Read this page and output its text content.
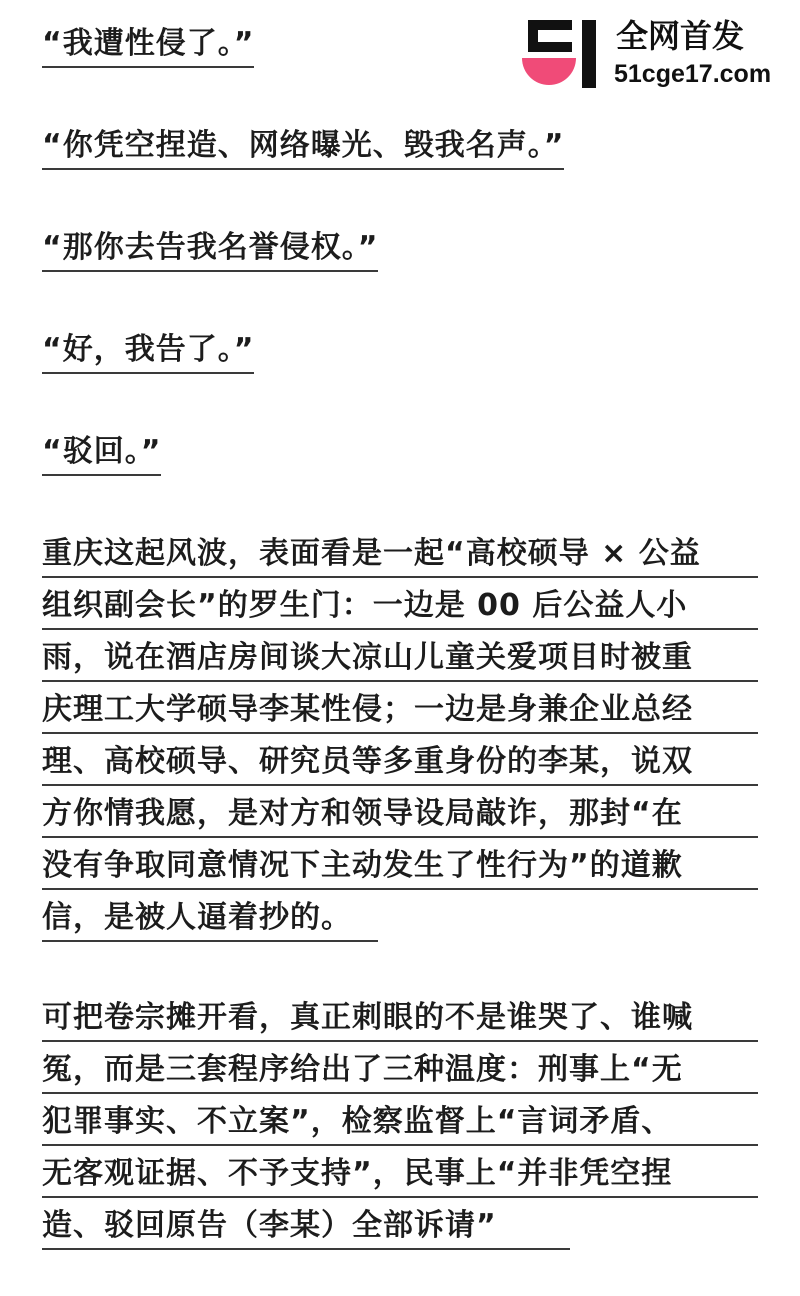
全网首发
51cge17.com
“我遭性侵了。”
“你凭空捏造、网络曝光、毁我名声。”
“那你去告我名誉侵权。”
“好，我告了。”
“驳回。”
重庆这起风波，表面看是一起“高校硕导 × 公益
组织副会长”的罗生门：一边是 00 后公益人小
雨，说在酒店房间谈大凉山儿童关爱项目时被重
庆理工大学硕导李某性侵；一边是身兼企业总经
理、高校硕导、研究员等多重身份的李某，说双
方你情我愿，是对方和领导设局敲诈，那封“在
没有争取同意情况下主动发生了性行为”的道歉
信，是被人逼着抄的。
可把卷宗摊开看，真正刺眼的不是谁哭了、谁喊
冤，而是三套程序给出了三种温度：刑事上“无
犯罪事实、不立案”，检察监督上“言词矛盾、
无客观证据、不予支持”，民事上“并非凭空捏
造、驳回原告（李某）全部诉请”
